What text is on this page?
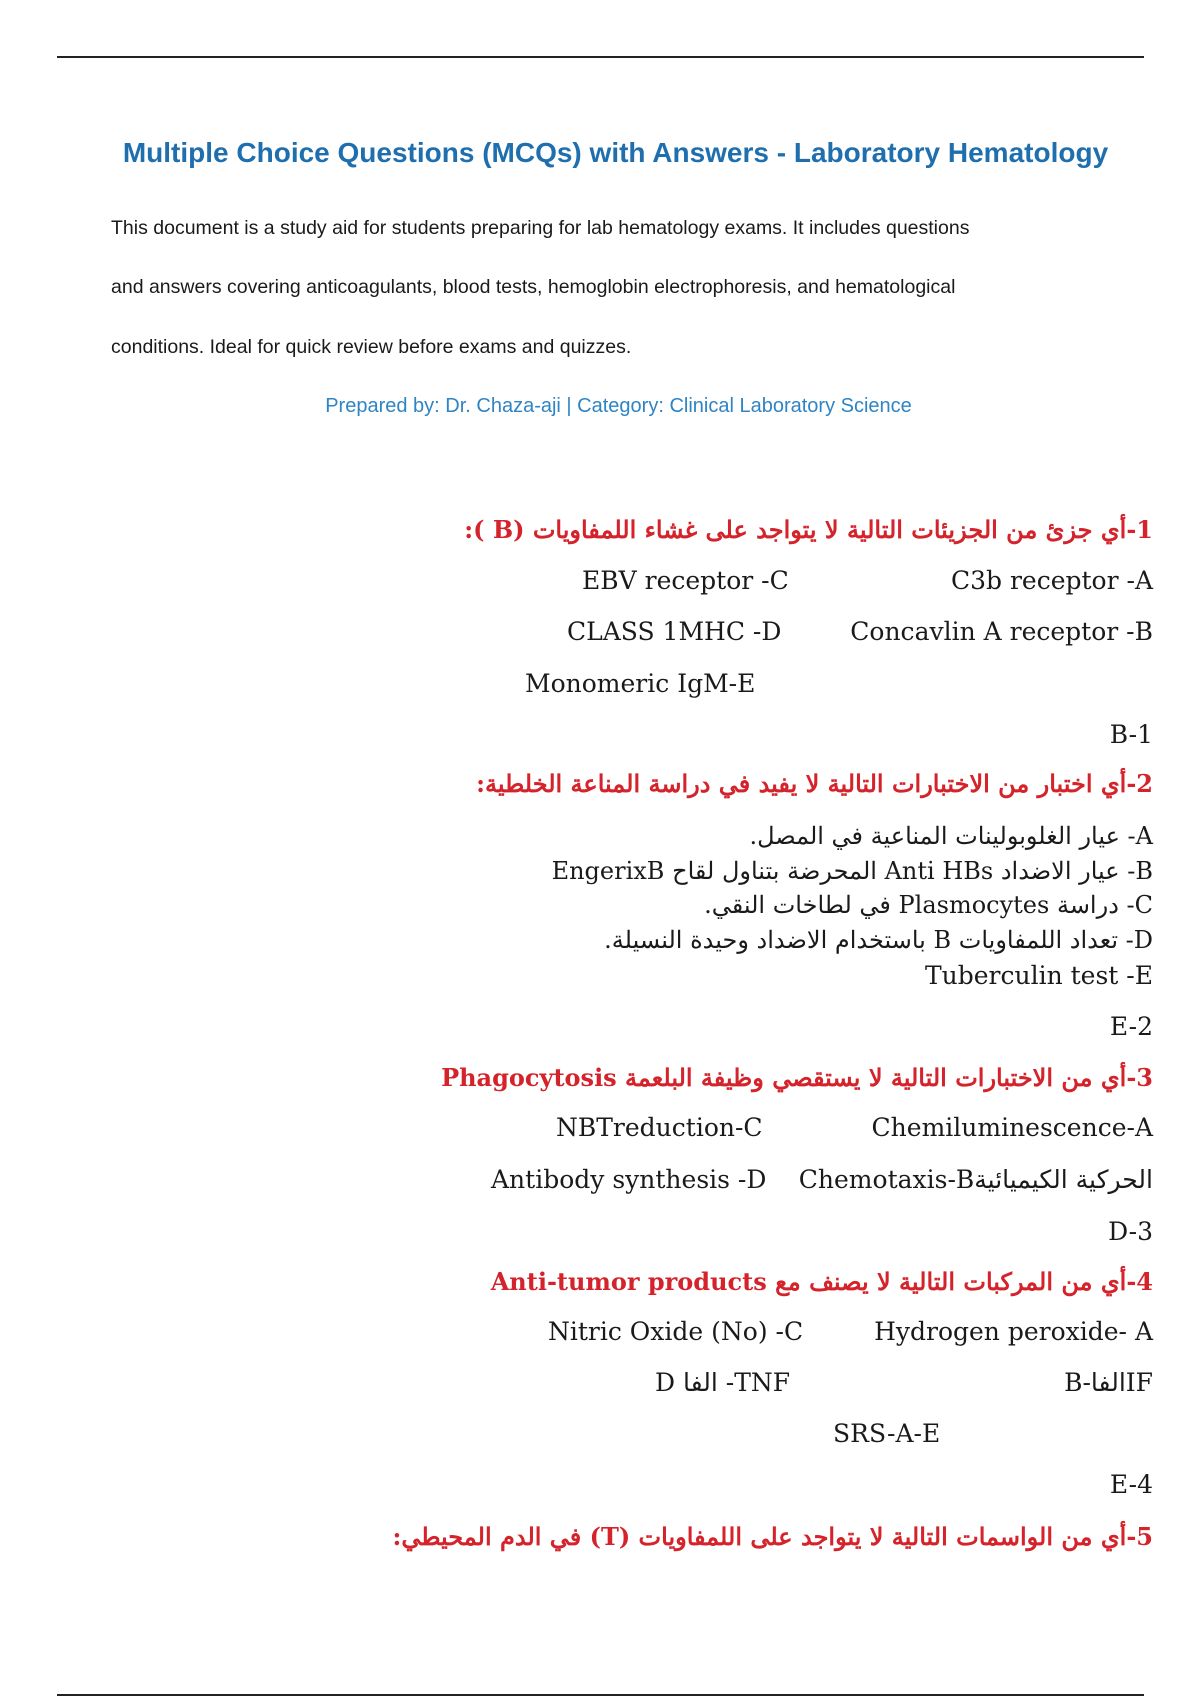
Multiple Choice Questions (MCQs) with Answers - Laboratory Hematology
This document is a study aid for students preparing for lab hematology exams. It includes questions
and answers covering anticoagulants, blood tests, hemoglobin electrophoresis, and hematological
conditions. Ideal for quick review before exams and quizzes.
Prepared by: Dr. Chaza-aji | Category: Clinical Laboratory Science
1-أي جزئ من الجزيئات التالية لا يتواجد على غشاء اللمفاويات (B ):
C3b receptor -A
EBV receptor -C
Concavlin A receptor -B
CLASS 1MHC -D
Monomeric IgM-E
B-1
2-أي اختبار من الاختبارات التالية لا يفيد في دراسة المناعة الخلطية:
A- عيار الغلوبولينات المناعية في المصل.
B- عيار الاضداد Anti HBs المحرضة بتناول لقاح EngerixB
C- دراسة Plasmocytes في لطاخات النقي.
D- تعداد اللمفاويات B باستخدام الاضداد وحيدة النسيلة.
Tuberculin test -E
E-2
3-أي من الاختبارات التالية لا يستقصي وظيفة البلعمة Phagocytosis
Chemiluminescence-A
NBTreduction-C
الحركية الكيميائيةChemotaxis-B
Antibody synthesis -D
D-3
4-أي من المركبات التالية لا يصنف مع Anti-tumor products
Hydrogen peroxide- A
Nitric Oxide (No) -C
IFالفا-B
TNF- الفا D
SRS-A-E
E-4
5-أي من الواسمات التالية لا يتواجد على اللمفاويات (T) في الدم المحيطي:
